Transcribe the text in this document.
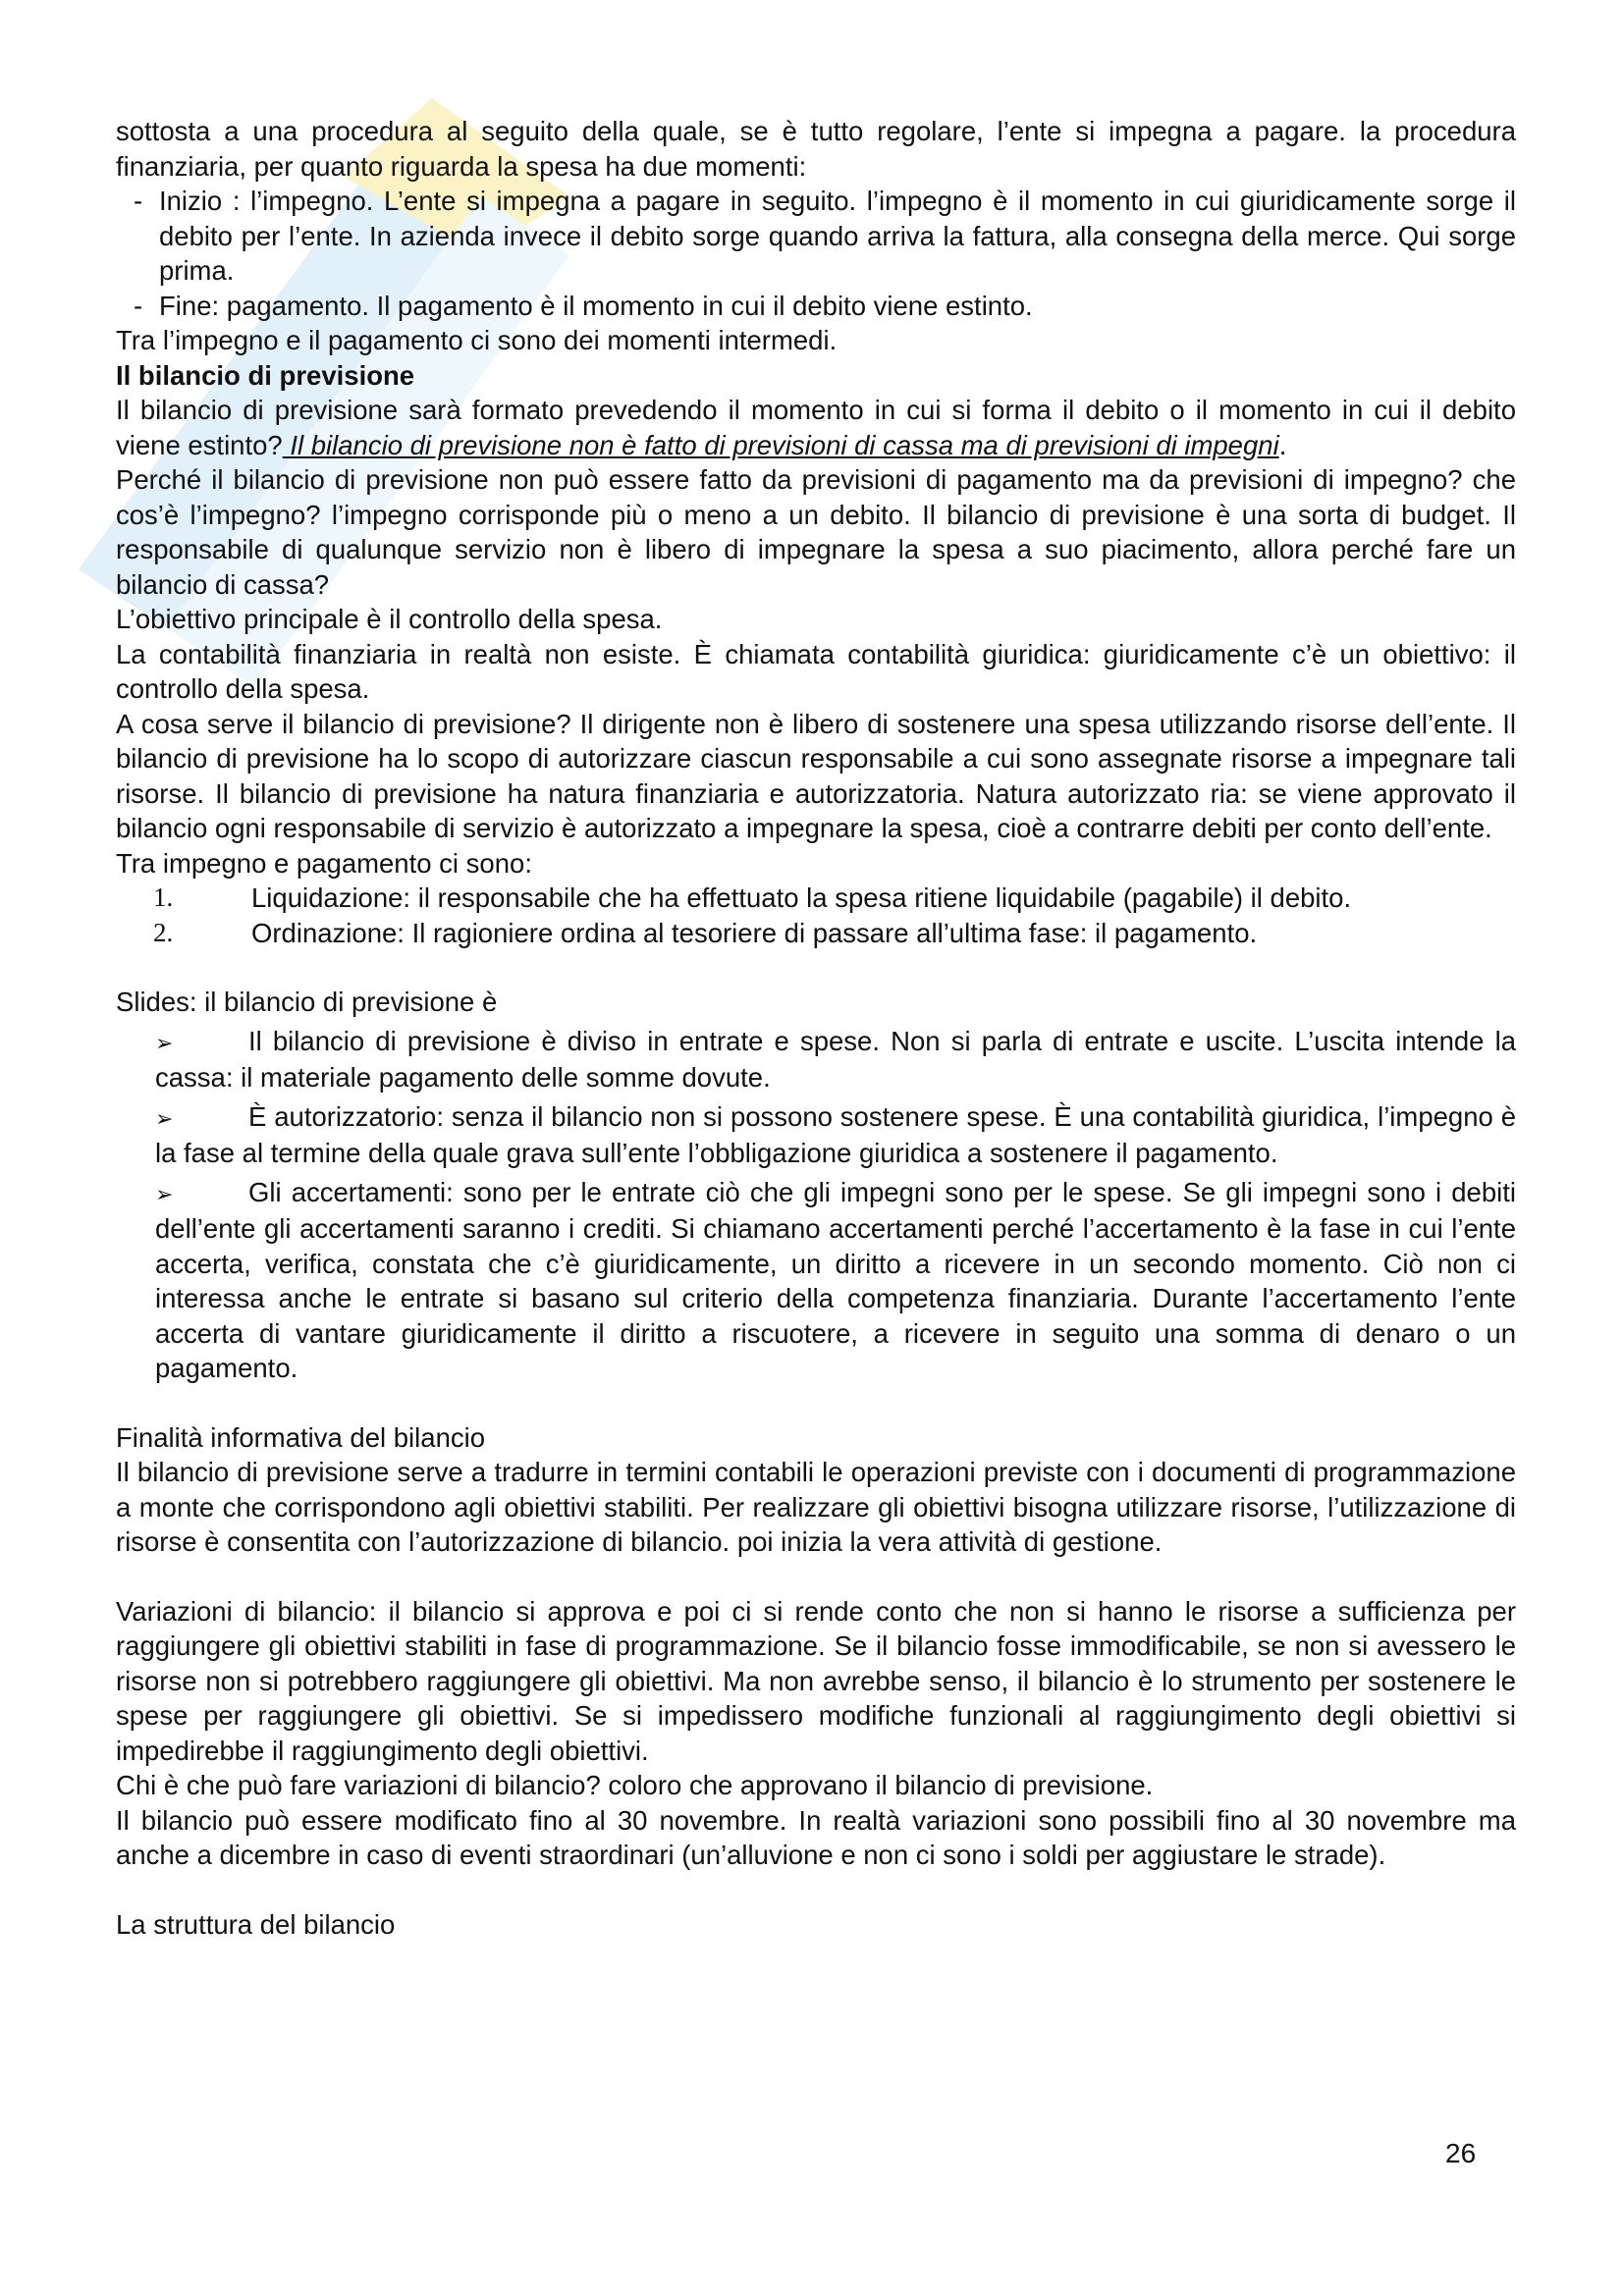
sottosta a una procedura al seguito della quale, se è tutto regolare, l’ente si impegna a pagare. la procedura finanziaria, per quanto riguarda la spesa ha due momenti:

- Inizio : l’impegno. L’ente si impegna a pagare in seguito. l’impegno è il momento in cui giuridicamente sorge il debito per l’ente. In azienda invece il debito sorge quando arriva la fattura, alla consegna della merce. Qui sorge prima.
- Fine: pagamento. Il pagamento è il momento in cui il debito viene estinto.

Tra l’impegno e il pagamento ci sono dei momenti intermedi.

Il bilancio di previsione

Il bilancio di previsione sarà formato prevedendo il momento in cui si forma il debito o il momento in cui il debito viene estinto? Il bilancio di previsione non è fatto di previsioni di cassa ma di previsioni di impegni.

Perché il bilancio di previsione non può essere fatto da previsioni di pagamento ma da previsioni di impegno? che cos’è l’impegno? l’impegno corrisponde più o meno a un debito. Il bilancio di previsione è una sorta di budget. Il responsabile di qualunque servizio non è libero di impegnare la spesa a suo piacimento, allora perché fare un bilancio di cassa?

L’obiettivo principale è il controllo della spesa.

La contabilità finanziaria in realtà non esiste. È chiamata contabilità giuridica: giuridicamente c’è un obiettivo: il controllo della spesa.

A cosa serve il bilancio di previsione? Il dirigente non è libero di sostenere una spesa utilizzando risorse dell’ente. Il bilancio di previsione ha lo scopo di autorizzare ciascun responsabile a cui sono assegnate risorse a impegnare tali risorse. Il bilancio di previsione ha natura finanziaria e autorizzatoria. Natura autorizzato ria: se viene approvato il bilancio ogni responsabile di servizio è autorizzato a impegnare la spesa, cioè a contrarre debiti per conto dell’ente.

Tra impegno e pagamento ci sono:

1.	Liquidazione: il responsabile che ha effettuato la spesa ritiene liquidabile (pagabile) il debito.
2.	Ordinazione: Il ragioniere ordina al tesoriere di passare all’ultima fase: il pagamento.

Slides: il bilancio di previsione è

➢	Il bilancio di previsione è diviso in entrate e spese. Non si parla di entrate e uscite. L’uscita intende la cassa: il materiale pagamento delle somme dovute.

➢	È autorizzatorio: senza il bilancio non si possono sostenere spese. È una contabilità giuridica, l’impegno è la fase al termine della quale grava sull’ente l’obbligazione giuridica a sostenere il pagamento.

➢	Gli accertamenti: sono per le entrate ciò che gli impegni sono per le spese. Se gli impegni sono i debiti dell’ente gli accertamenti saranno i crediti. Si chiamano accertamenti perché l’accertamento è la fase in cui l’ente accerta, verifica, constata che c’è giuridicamente, un diritto a ricevere in un secondo momento. Ciò non ci interessa anche le entrate si basano sul criterio della competenza finanziaria. Durante l’accertamento l’ente accerta di vantare giuridicamente il diritto a riscuotere, a ricevere in seguito una somma di denaro o un pagamento.

Finalità informativa del bilancio

Il bilancio di previsione serve a tradurre in termini contabili le operazioni previste con i documenti di programmazione a monte che corrispondono agli obiettivi stabiliti. Per realizzare gli obiettivi bisogna utilizzare risorse, l’utilizzazione di risorse è consentita con l’autorizzazione di bilancio. poi inizia la vera attività di gestione.

Variazioni di bilancio: il bilancio si approva e poi ci si rende conto che non si hanno le risorse a sufficienza per raggiungere gli obiettivi stabiliti in fase di programmazione. Se il bilancio fosse immodificabile, se non si avessero le risorse non si potrebbero raggiungere gli obiettivi. Ma non avrebbe senso, il bilancio è lo strumento per sostenere le spese per raggiungere gli obiettivi. Se si impedissero modifiche funzionali al raggiungimento degli obiettivi si impedirebbe il raggiungimento degli obiettivi.

Chi è che può fare variazioni di bilancio? coloro che approvano il bilancio di previsione.

Il bilancio può essere modificato fino al 30 novembre. In realtà variazioni sono possibili fino al 30 novembre ma anche a dicembre in caso di eventi straordinari (un’alluvione e non ci sono i soldi per aggiustare le strade).

La struttura del bilancio

26
